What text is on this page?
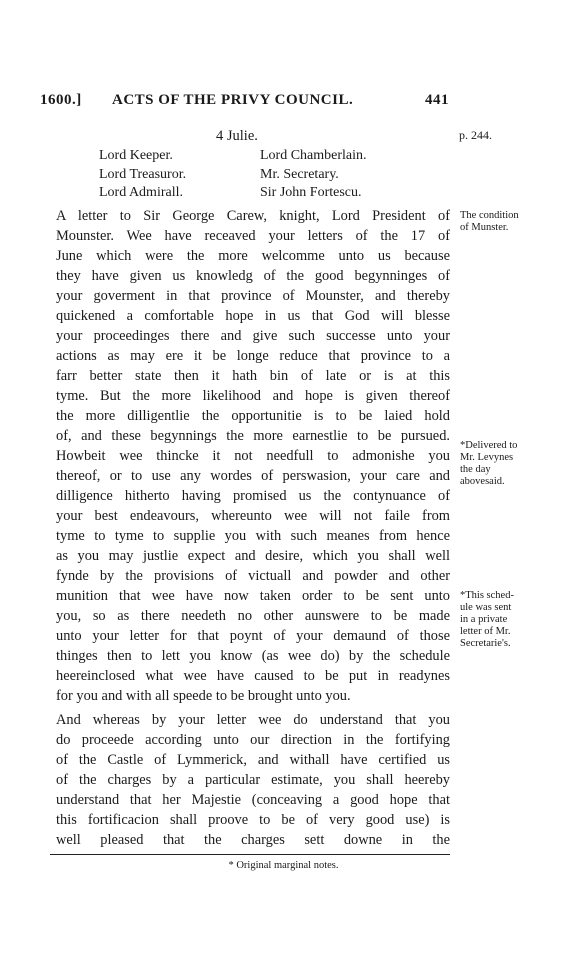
1600.] ACTS OF THE PRIVY COUNCIL.	441
4 Julie.	p. 244.
Lord Keeper.	Lord Chamberlain.
Lord Treasuror.	Mr. Secretary.
Lord Admirall.	Sir John Fortescu.
A letter to Sir George Carew, knight, Lord President of
Mounster. Wee have receaved your letters of the 17 of
June which were the more welcomme unto us because
they have given us knowledg of the good begynninges of
your goverment in that province of Mounster, and thereby
quickened a comfortable hope in us that God will blesse
your proceedinges there and give such successe unto your
actions as may ere it be longe reduce that province to a
farr better state then it hath bin of late or is at this
tyme. But the more likelihood and hope is given thereof
the more dilligentlie the opportunitie is to be laied hold
of, and these begynnings the more earnestlie to be pursued.
Howbeit wee thincke it not needfull to admonishe you
thereof, or to use any wordes of perswasion, your care and
dilligence hitherto having promised us the contynuance of
your best endeavours, whereunto wee will not faile from
tyme to tyme to supplie you with such meanes from hence
as you may justlie expect and desire, which you shall well
fynde by the provisions of victuall and powder and other
munition that wee have now taken order to be sent unto
you, so as there needeth no other aunswere to be made
unto your letter for that poynt of your demaund of those
thinges then to lett you know (as wee do) by the schedule
heereinclosed what wee have caused to be put in readynes
for you and with all speede to be brought unto you.
And whereas by your letter wee do understand that you
do proceede according unto our direction in the fortifying
of the Castle of Lymmerick, and withall have certified us
of the charges by a particular estimate, you shall heereby
understand that her Majestie (conceaving a good hope that
this fortificacion shall proove to be of very good use) is
well pleased that the charges sett downe in the
The condition
of Munster.
*Delivered to
Mr. Levynes
the day
abovesaid.
*This sched-
ule was sent
in a private
letter of Mr.
Secretarie's.
* Original marginal notes.
